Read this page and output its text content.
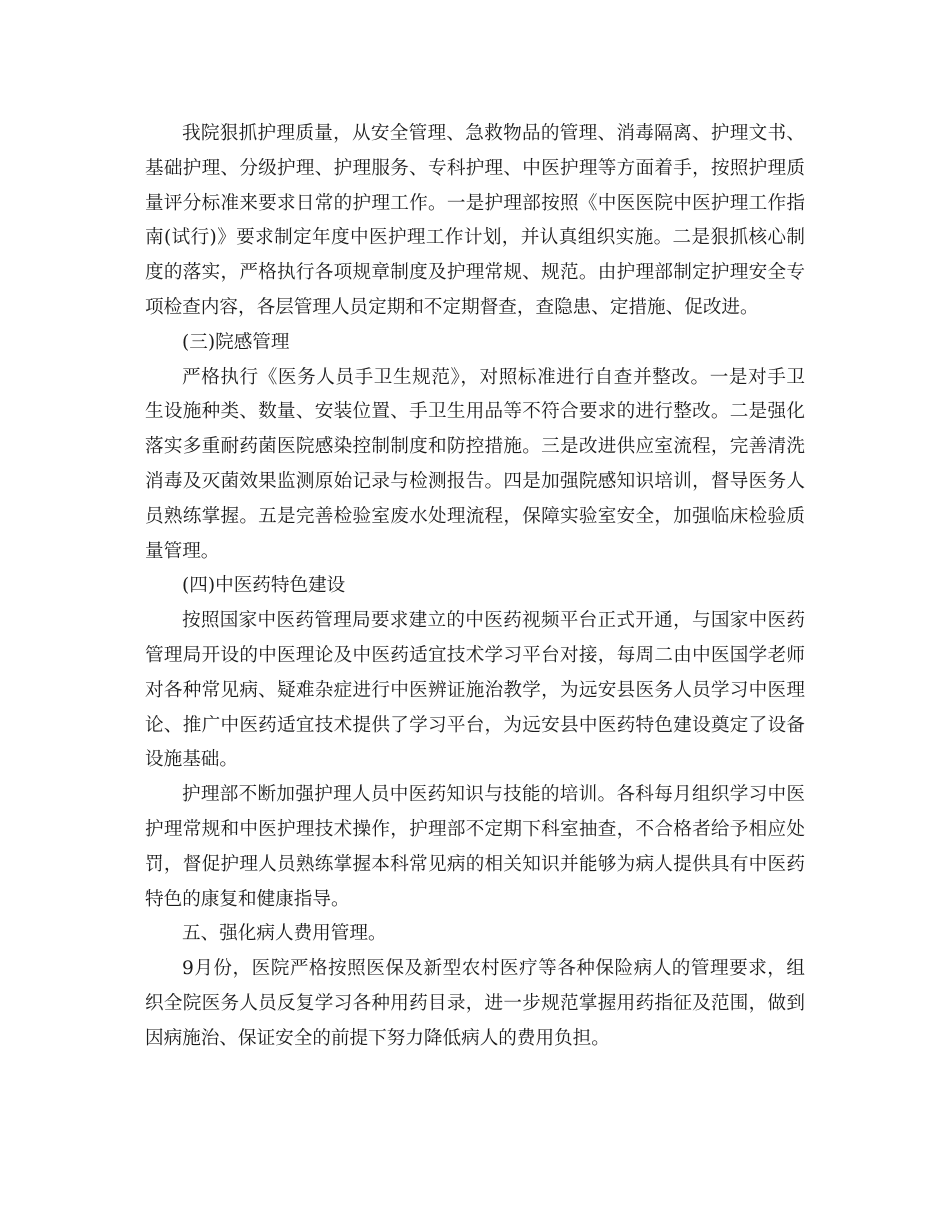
我院狠抓护理质量，从安全管理、急救物品的管理、消毒隔离、护理文书、
基础护理、分级护理、护理服务、专科护理、中医护理等方面着手，按照护理质
量评分标准来要求日常的护理工作。一是护理部按照《中医医院中医护理工作指
南(试行)》要求制定年度中医护理工作计划，并认真组织实施。二是狠抓核心制
度的落实，严格执行各项规章制度及护理常规、规范。由护理部制定护理安全专
项检查内容，各层管理人员定期和不定期督查，查隐患、定措施、促改进。
(三)院感管理
严格执行《医务人员手卫生规范》，对照标准进行自查并整改。一是对手卫
生设施种类、数量、安装位置、手卫生用品等不符合要求的进行整改。二是强化
落实多重耐药菌医院感染控制制度和防控措施。三是改进供应室流程，完善清洗
消毒及灭菌效果监测原始记录与检测报告。四是加强院感知识培训，督导医务人
员熟练掌握。五是完善检验室废水处理流程，保障实验室安全，加强临床检验质
量管理。
(四)中医药特色建设
按照国家中医药管理局要求建立的中医药视频平台正式开通，与国家中医药
管理局开设的中医理论及中医药适宜技术学习平台对接，每周二由中医国学老师
对各种常见病、疑难杂症进行中医辨证施治教学，为远安县医务人员学习中医理
论、推广中医药适宜技术提供了学习平台，为远安县中医药特色建设奠定了设备
设施基础。
护理部不断加强护理人员中医药知识与技能的培训。各科每月组织学习中医
护理常规和中医护理技术操作，护理部不定期下科室抽查，不合格者给予相应处
罚，督促护理人员熟练掌握本科常见病的相关知识并能够为病人提供具有中医药
特色的康复和健康指导。
五、强化病人费用管理。
9月份，医院严格按照医保及新型农村医疗等各种保险病人的管理要求，组
织全院医务人员反复学习各种用药目录，进一步规范掌握用药指征及范围，做到
因病施治、保证安全的前提下努力降低病人的费用负担。
